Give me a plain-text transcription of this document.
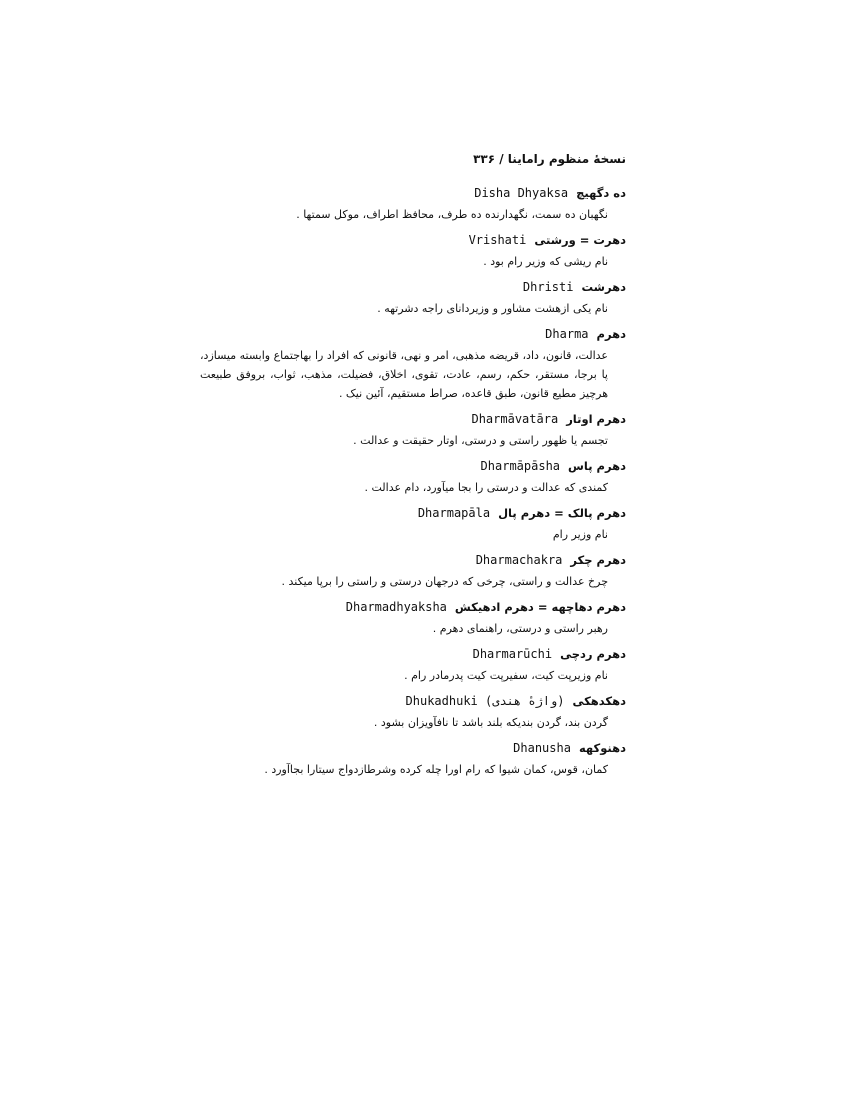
نسخهٔ منظوم راماینا / ۳۳۶
ده دگهیچ
Disha Dhyaksa
نگهبان ده سمت، نگهدارنده ده طرف، محافظ اطراف، موکل سمتها .
دهرت = ورشتی
Vrishati
نام ریشی که وزیر رام بود .
دهرشت
Dhristi
نام یکی ازهشت مشاور و وزیردانای راجه دشرتهه .
دهرم
Dharma
عدالت، قانون، داد، قریضه مذهبی، امر و نهی، قانونی که افراد را بهاجتماع وابسته میسازد، پا برجا، مستقر، حکم، رسم، عادت، تقوی، اخلاق، فضیلت، مذهب، ثواب، بروفق طبیعت هرچیز مطیع قانون، طبق قاعده، صراط مستقیم، آئین نیک .
دهرم اوتار
Dharmāvatāra
تجسم یا ظهور راستی و درستی، اوتار حقیقت و عدالت .
دهرم پاس
Dharmāpāsha
کمندی که عدالت و درستی را بجا میآورد، دام عدالت .
دهرم پالک = دهرم پال
Dharmapāla
نام وزیر رام
دهرم چکر
Dharmachakra
چرخ عدالت و راستی، چرخی که درجهان درستی و راستی را برپا میکند .
دهرم دهاچهه = دهرم ادهیکش
Dharmadhyaksha
رهبر راستی و درستی، راهنمای دهرم .
دهرم ردچی
Dharmarūchi
نام وزیرپت کیت، سفیرپت کیت پدرمادر رام .
دهکدهکی
Dhukadhuki (واژهٔ هندی)
گردن بند، گردن بندیکه بلند باشد تا نافآویزان بشود .
دهنوکهه
Dhanusha
کمان، قوس، کمان شیوا که رام اورا چله کرده وشرطازدواج سیتارا بجاآورد .
